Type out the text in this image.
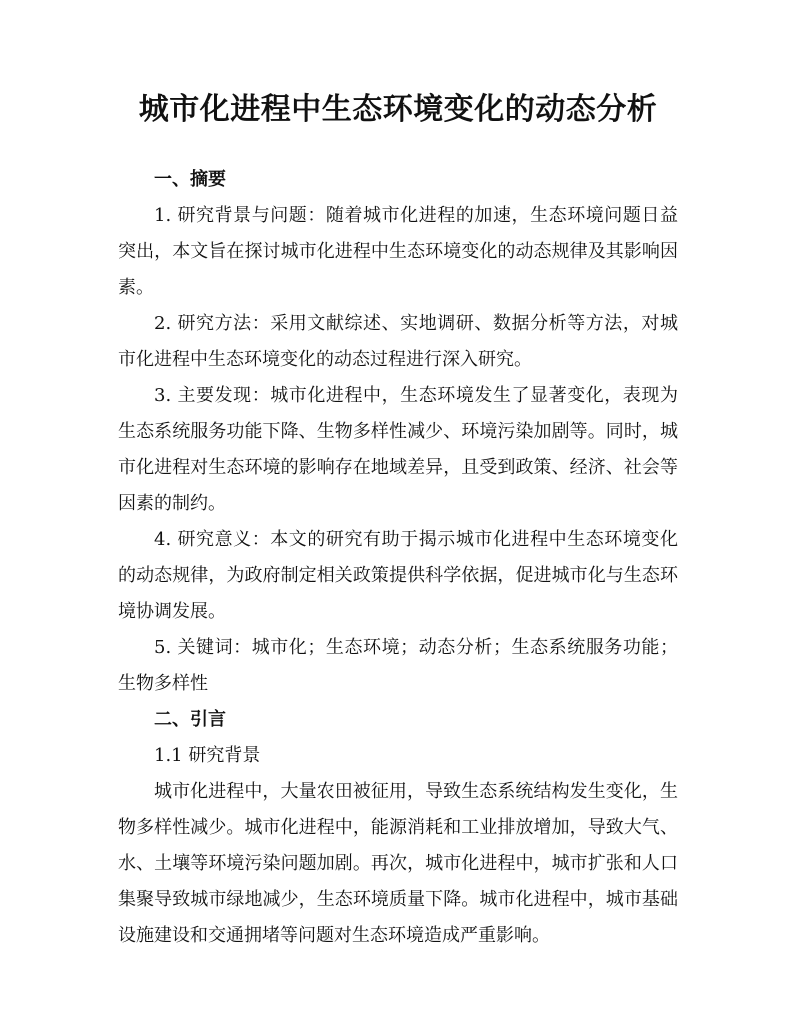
城市化进程中生态环境变化的动态分析

一、摘要

1. 研究背景与问题：随着城市化进程的加速，生态环境问题日益突出，本文旨在探讨城市化进程中生态环境变化的动态规律及其影响因素。

2. 研究方法：采用文献综述、实地调研、数据分析等方法，对城市化进程中生态环境变化的动态过程进行深入研究。

3. 主要发现：城市化进程中，生态环境发生了显著变化，表现为生态系统服务功能下降、生物多样性减少、环境污染加剧等。同时，城市化进程对生态环境的影响存在地域差异，且受到政策、经济、社会等因素的制约。

4. 研究意义：本文的研究有助于揭示城市化进程中生态环境变化的动态规律，为政府制定相关政策提供科学依据，促进城市化与生态环境协调发展。

5. 关键词：城市化；生态环境；动态分析；生态系统服务功能；生物多样性

二、引言

1.1 研究背景

城市化进程中，大量农田被征用，导致生态系统结构发生变化，生物多样性减少。城市化进程中，能源消耗和工业排放增加，导致大气、水、土壤等环境污染问题加剧。再次，城市化进程中，城市扩张和人口集聚导致城市绿地减少，生态环境质量下降。城市化进程中，城市基础设施建设和交通拥堵等问题对生态环境造成严重影响。
